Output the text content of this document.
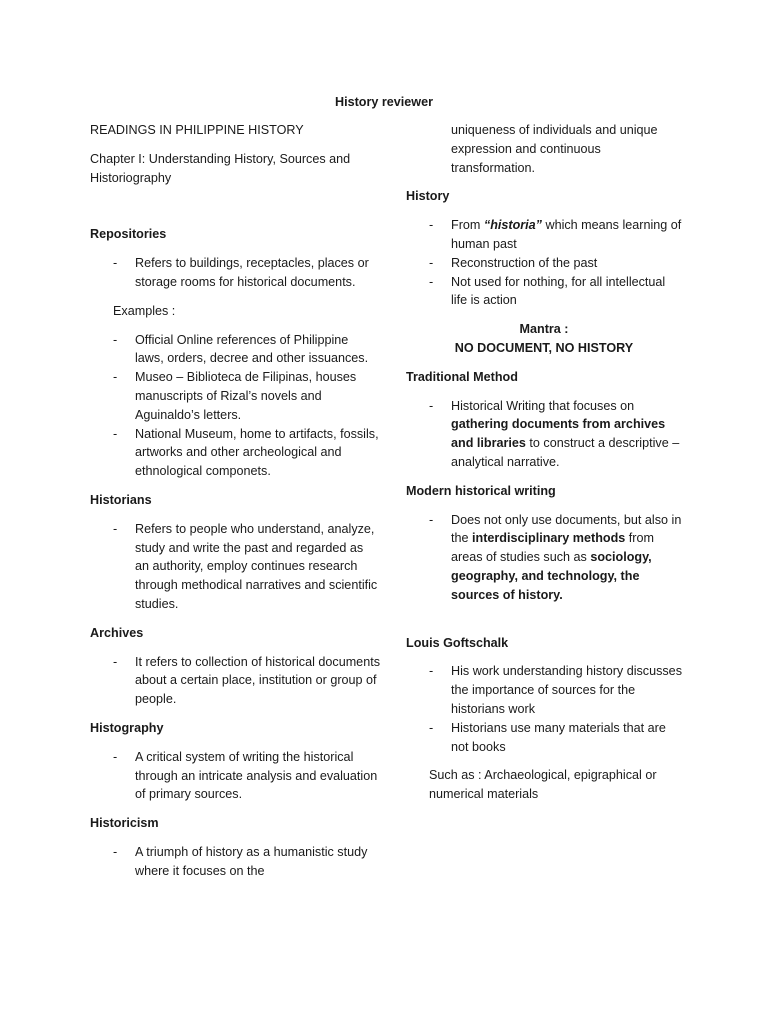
History reviewer

READINGS IN PHILIPPINE HISTORY

Chapter I: Understanding History, Sources and Historiography

Repositories

- Refers to buildings, receptacles, places or storage rooms for historical documents.

Examples :

- Official Online references of Philippine laws, orders, decree and other issuances.
- Museo – Biblioteca de Filipinas, houses manuscripts of Rizal’s novels and Aguinaldo’s letters.
- National Museum, home to artifacts, fossils, artworks and other archeological and ethnological componets.

Historians

- Refers to people who understand, analyze, study and write the past and regarded as an authority, employ continues research through methodical narratives and scientific studies.

Archives

- It refers to collection of historical documents about a certain place, institution or group of people.

Histography

- A critical system of writing the historical through an intricate analysis and evaluation of primary sources.

Historicism

- A triumph of history as a humanistic study where it focuses on the

uniqueness of individuals and unique expression and continuous transformation.

History

- From “historia” which means learning of human past
- Reconstruction of the past
- Not used for nothing, for all intellectual life is action
Mantra :
NO DOCUMENT, NO HISTORY

Traditional Method

- Historical Writing that focuses on gathering documents from archives and libraries to construct a descriptive – analytical narrative.

Modern historical writing

- Does not only use documents, but also in the interdisciplinary methods from areas of studies such as sociology, geography, and technology, the sources of history.

Louis Goftschalk

- His work understanding history discusses the importance of sources for the historians work
- Historians use many materials that are not books

Such as : Archaeological, epigraphical or numerical materials
